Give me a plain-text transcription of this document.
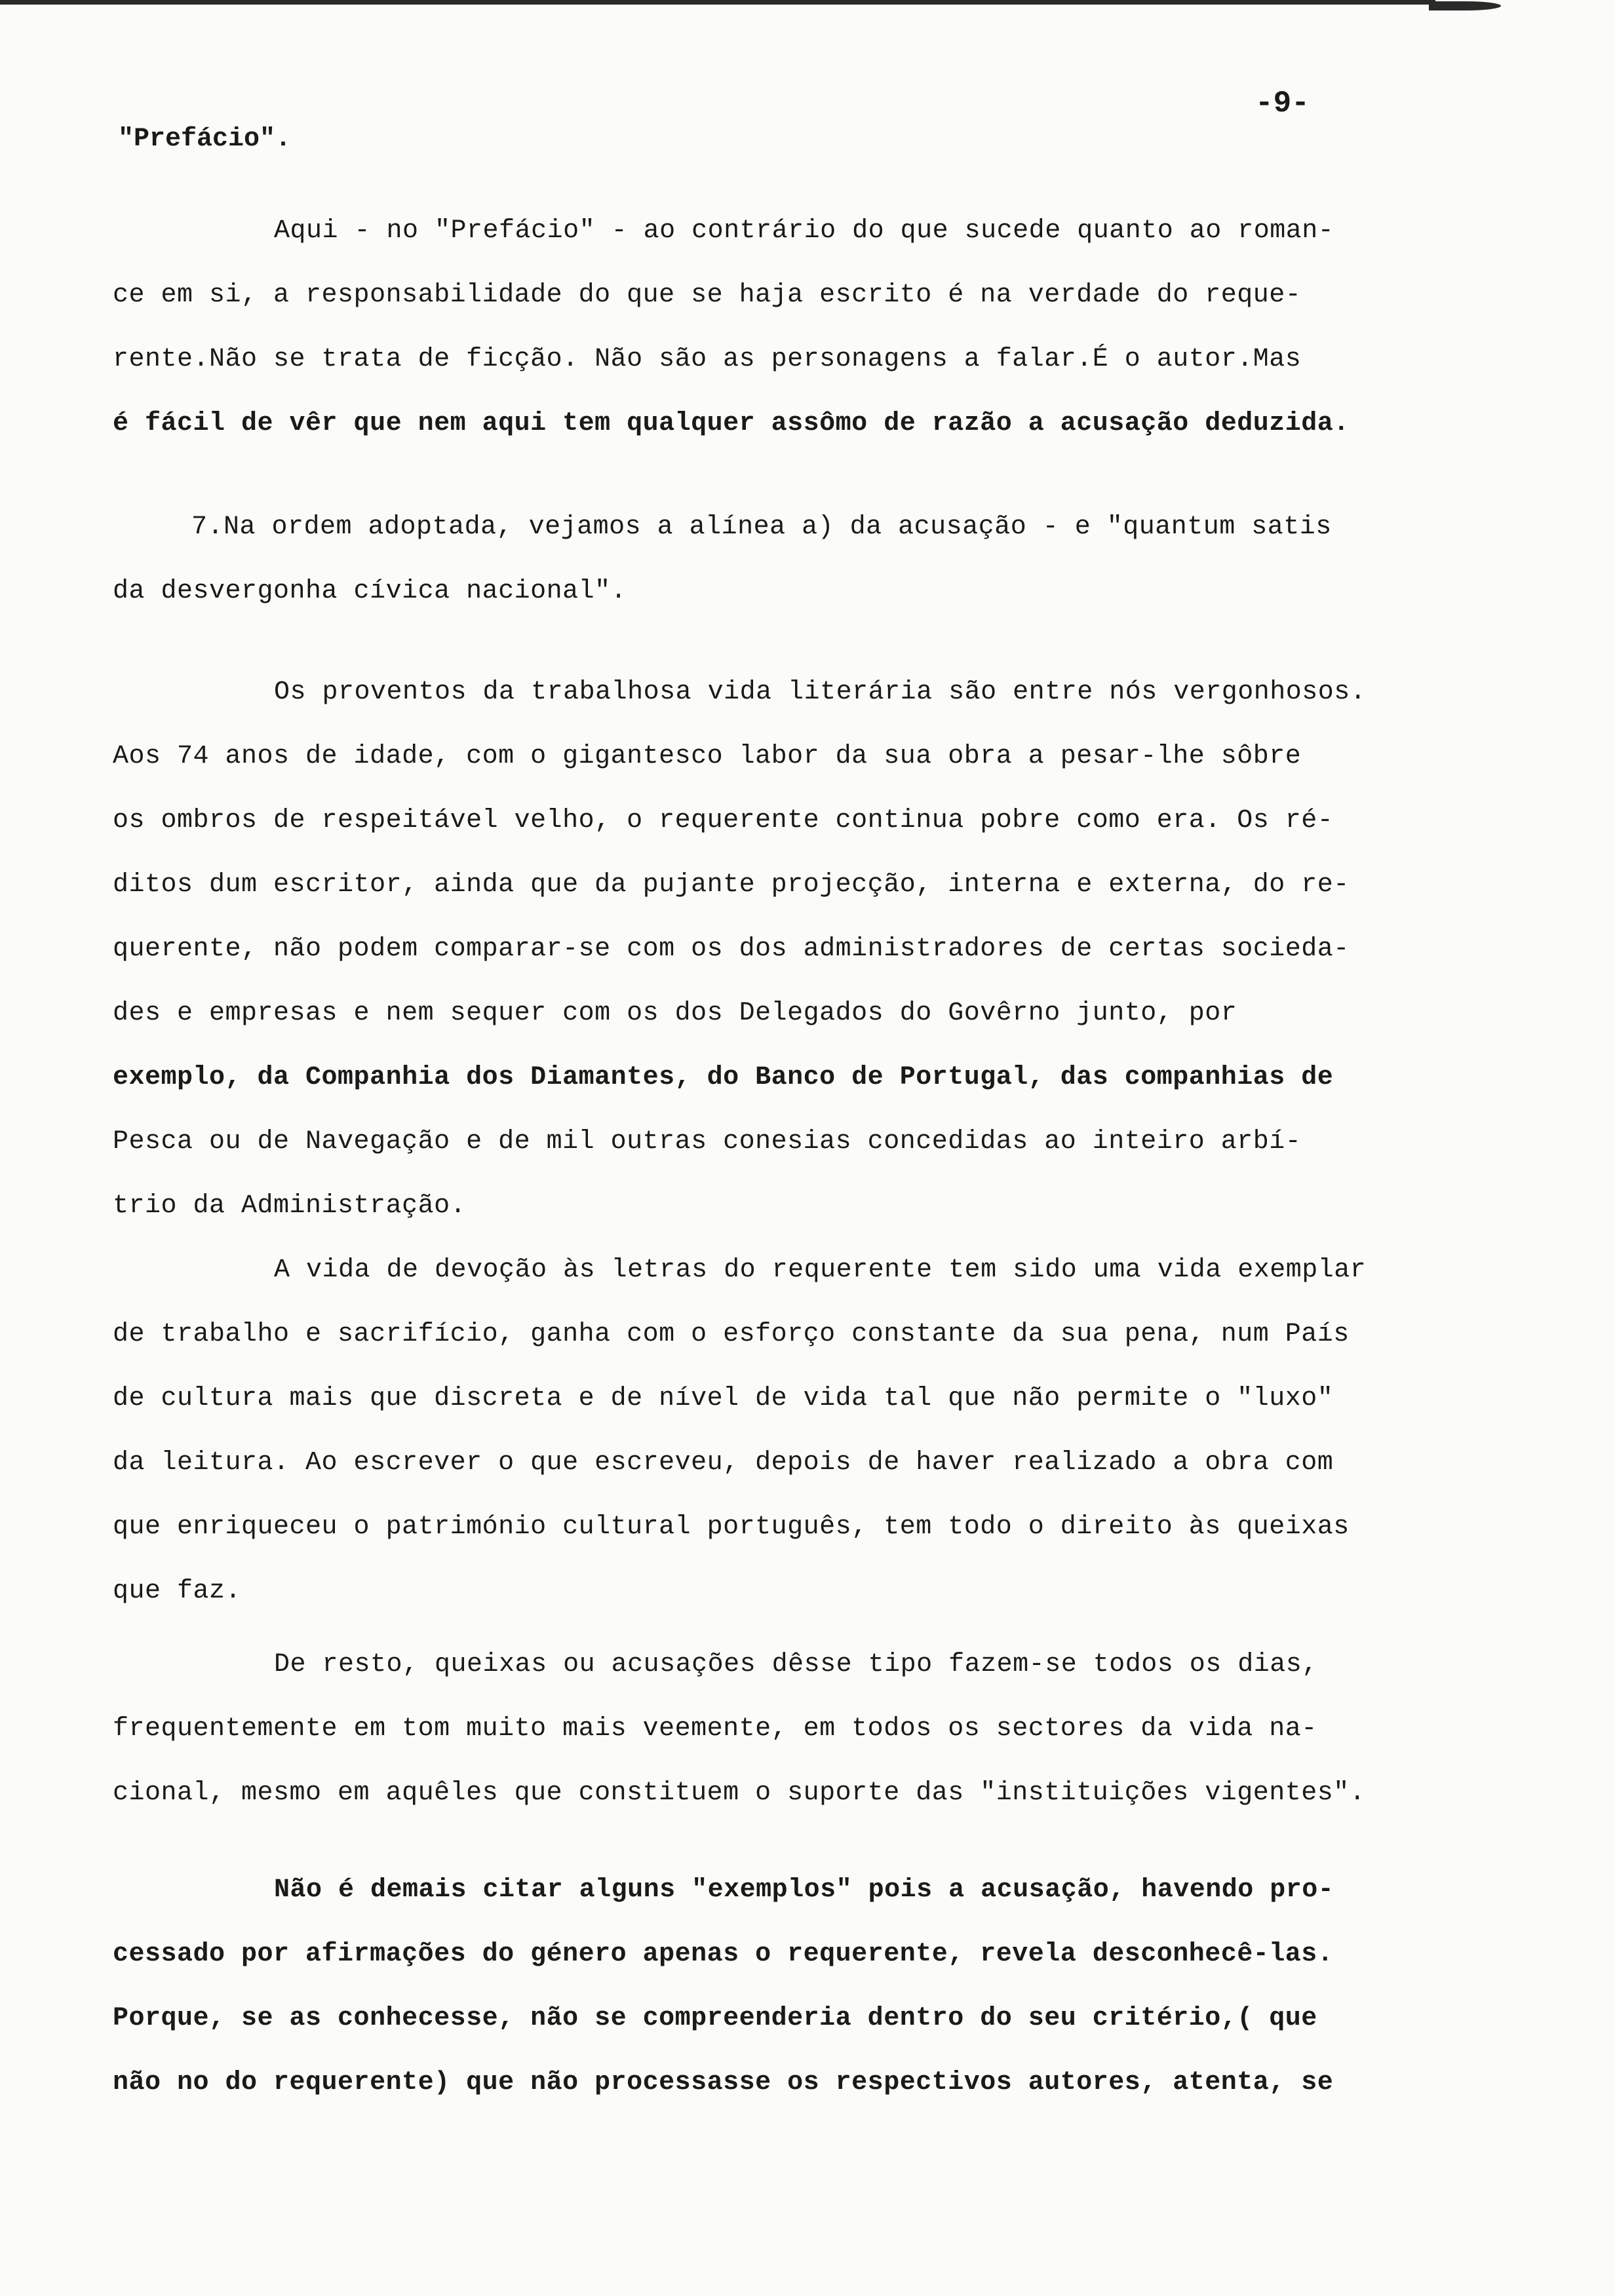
-9-
"Prefácio".
Aqui - no "Prefácio" - ao contrário do que sucede quanto ao roman-
ce em si, a responsabilidade do que se haja escrito é na verdade do reque-
rente.Não se trata de ficção. Não são as personagens a falar.É o autor.Mas
é fácil de vêr que nem aqui tem qualquer assômo de razão a acusação deduzida.
7.Na ordem adoptada, vejamos a alínea a) da acusação - e "quantum satis
da desvergonha cívica nacional".
Os proventos da trabalhosa vida literária são entre nós vergonhosos.
Aos 74 anos de idade, com o gigantesco labor da sua obra a pesar-lhe sôbre
os ombros de respeitável velho, o requerente continua pobre como era. Os ré-
ditos dum escritor, ainda que da pujante projecção, interna e externa, do re-
querente, não podem comparar-se com os dos administradores de certas socieda-
des e empresas e nem sequer com os dos Delegados do Govêrno junto, por
exemplo, da Companhia dos Diamantes, do Banco de Portugal, das companhias de
Pesca ou de Navegação e de mil outras conesias concedidas ao inteiro arbí-
trio da Administração.
A vida de devoção às letras do requerente tem sido uma vida exemplar
de trabalho e sacrifício, ganha com o esforço constante da sua pena, num País
de cultura mais que discreta e de nível de vida tal que não permite o "luxo"
da leitura. Ao escrever o que escreveu, depois de haver realizado a obra com
que enriqueceu o património cultural português, tem todo o direito às queixas
que faz.
De resto, queixas ou acusações dêsse tipo fazem-se todos os dias,
frequentemente em tom muito mais veemente, em todos os sectores da vida na-
cional, mesmo em aquêles que constituem o suporte das "instituições vigentes".
Não é demais citar alguns "exemplos" pois a acusação, havendo pro-
cessado por afirmações do género apenas o requerente, revela desconhecê-las.
Porque, se as conhecesse, não se compreenderia dentro do seu critério,( que
não no do requerente) que não processasse os respectivos autores, atenta, se
